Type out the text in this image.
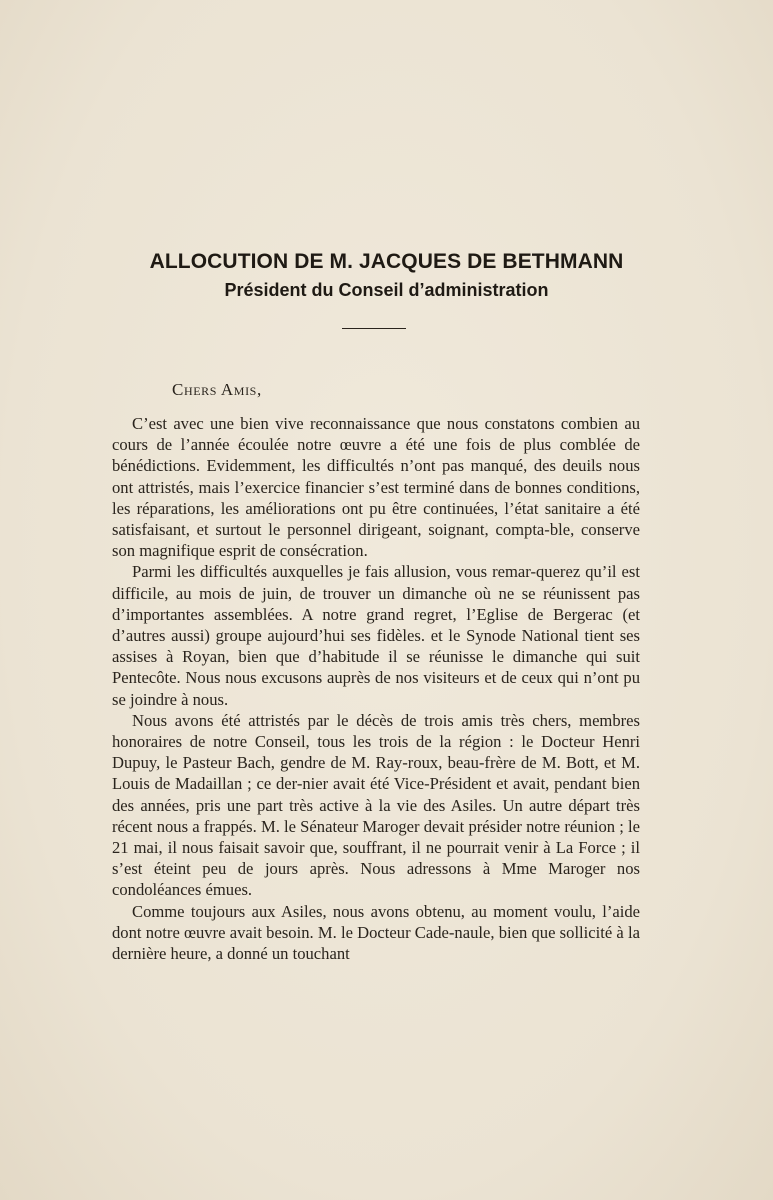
ALLOCUTION DE M. JACQUES DE BETHMANN
Président du Conseil d’administration

Chers Amis,

C’est avec une bien vive reconnaissance que nous constatons combien au cours de l’année écoulée notre œuvre a été une fois de plus comblée de bénédictions. Evidemment, les difficultés n’ont pas manqué, des deuils nous ont attristés, mais l’exercice financier s’est terminé dans de bonnes conditions, les réparations, les améliorations ont pu être continuées, l’état sanitaire a été satisfaisant, et surtout le personnel dirigeant, soignant, compta-ble, conserve son magnifique esprit de consécration.

Parmi les difficultés auxquelles je fais allusion, vous remar-querez qu’il est difficile, au mois de juin, de trouver un dimanche où ne se réunissent pas d’importantes assemblées. A notre grand regret, l’Eglise de Bergerac (et d’autres aussi) groupe aujourd’hui ses fidèles. et le Synode National tient ses assises à Royan, bien que d’habitude il se réunisse le dimanche qui suit Pentecôte. Nous nous excusons auprès de nos visiteurs et de ceux qui n’ont pu se joindre à nous.

Nous avons été attristés par le décès de trois amis très chers, membres honoraires de notre Conseil, tous les trois de la région : le Docteur Henri Dupuy, le Pasteur Bach, gendre de M. Ray-roux, beau-frère de M. Bott, et M. Louis de Madaillan ; ce der-nier avait été Vice-Président et avait, pendant bien des années, pris une part très active à la vie des Asiles. Un autre départ très récent nous a frappés. M. le Sénateur Maroger devait présider notre réunion ; le 21 mai, il nous faisait savoir que, souffrant, il ne pourrait venir à La Force ; il s’est éteint peu de jours après. Nous adressons à Mme Maroger nos condoléances émues.

Comme toujours aux Asiles, nous avons obtenu, au moment voulu, l’aide dont notre œuvre avait besoin. M. le Docteur Cade-naule, bien que sollicité à la dernière heure, a donné un touchant
